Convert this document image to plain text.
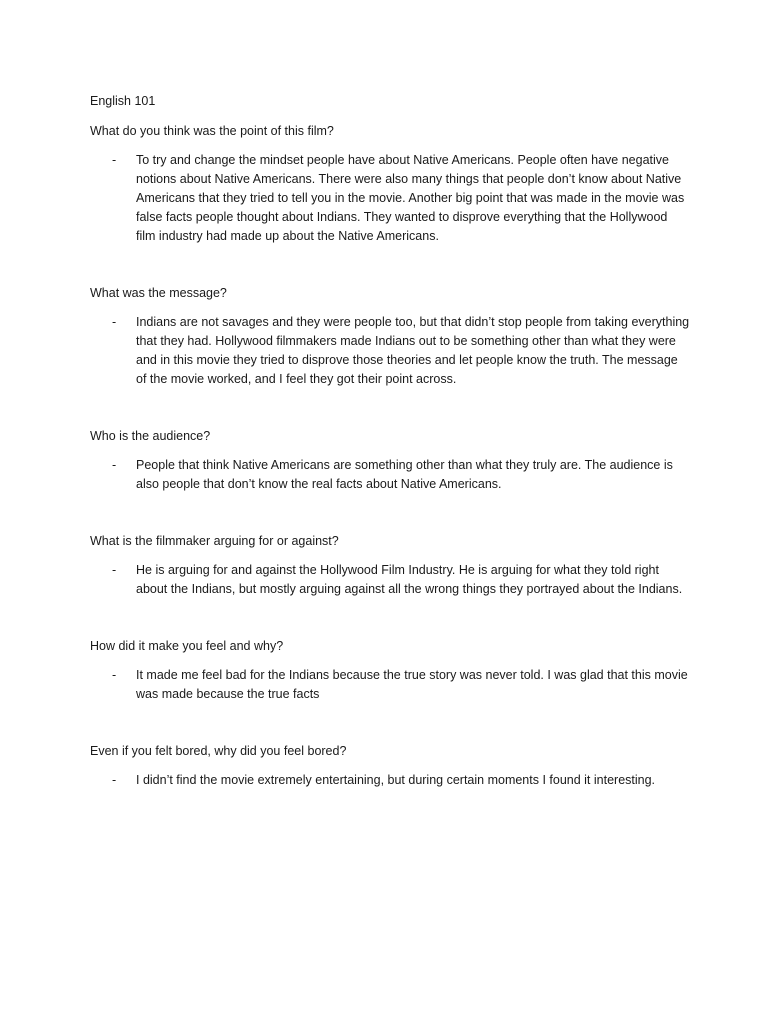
English 101
What do you think was the point of this film?
- To try and change the mindset people have about Native Americans. People often have negative notions about Native Americans. There were also many things that people don’t know about Native Americans that they tried to tell you in the movie. Another big point that was made in the movie was false facts people thought about Indians. They wanted to disprove everything that the Hollywood film industry had made up about the Native Americans.
What was the message?
- Indians are not savages and they were people too, but that didn’t stop people from taking everything that they had. Hollywood filmmakers made Indians out to be something other than what they were and in this movie they tried to disprove those theories and let people know the truth. The message of the movie worked, and I feel they got their point across.
Who is the audience?
- People that think Native Americans are something other than what they truly are. The audience is also people that don’t know the real facts about Native Americans.
What is the filmmaker arguing for or against?
- He is arguing for and against the Hollywood Film Industry. He is arguing for what they told right about the Indians, but mostly arguing against all the wrong things they portrayed about the Indians.
How did it make you feel and why?
- It made me feel bad for the Indians because the true story was never told. I was glad that this movie was made because the true facts
Even if you felt bored, why did you feel bored?
- I didn’t find the movie extremely entertaining, but during certain moments I found it interesting.
